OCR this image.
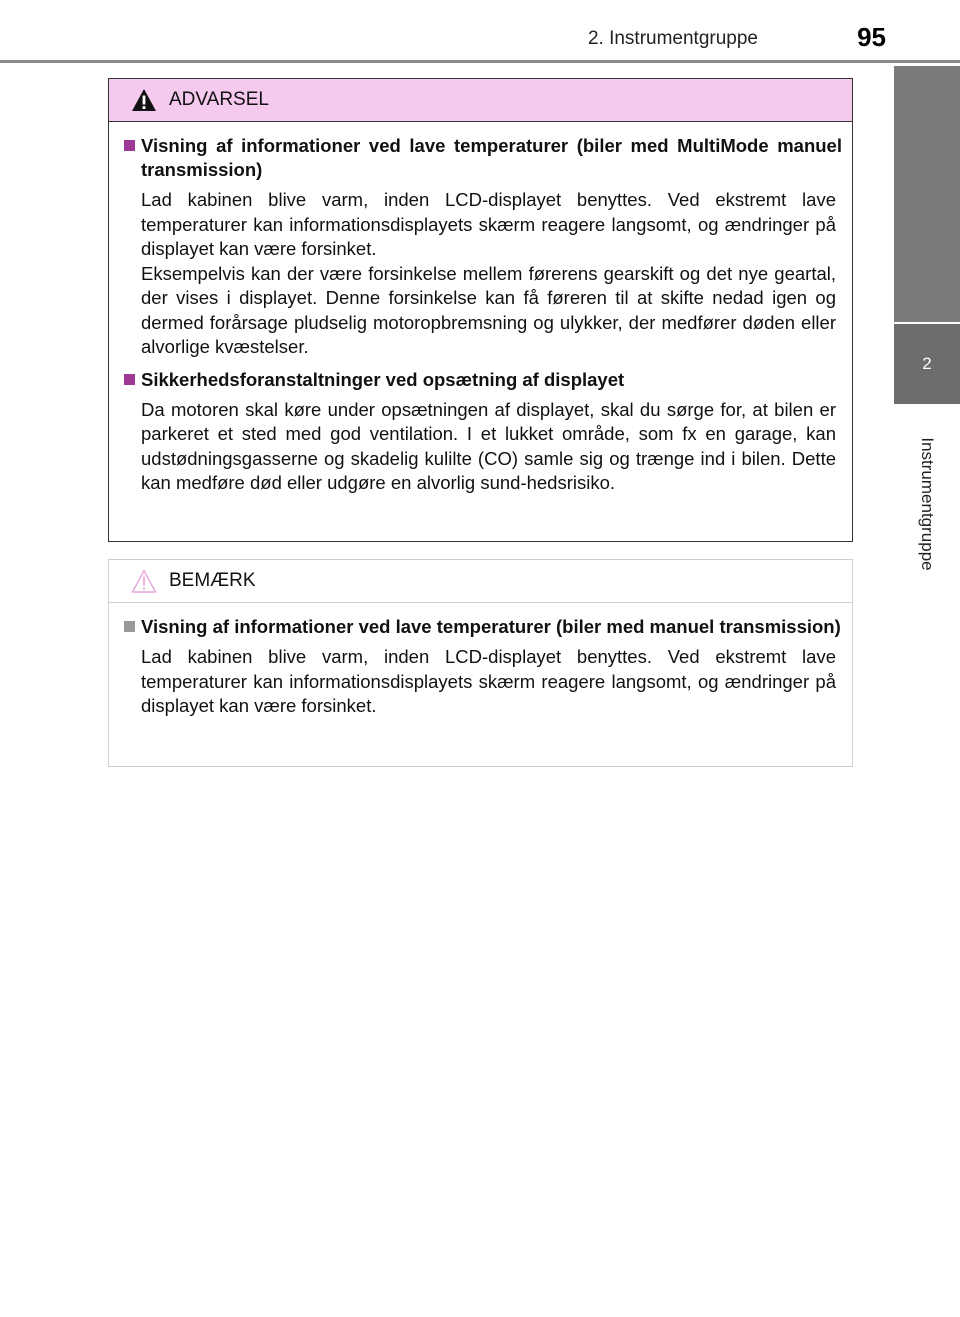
2. Instrumentgruppe	95
2
Instrumentgruppe
ADVARSEL
Visning af informationer ved lave temperaturer (biler med MultiMode manuel transmission)

Lad kabinen blive varm, inden LCD-displayet benyttes. Ved ekstremt lave temperaturer kan informationsdisplayets skærm reagere langsomt, og ændringer på displayet kan være forsinket.

Eksempelvis kan der være forsinkelse mellem førerens gearskift og det nye geartal, der vises i displayet. Denne forsinkelse kan få føreren til at skifte nedad igen og dermed forårsage pludselig motoropbremsning og ulykker, der medfører døden eller alvorlige kvæstelser.

Sikkerhedsforanstaltninger ved opsætning af displayet

Da motoren skal køre under opsætningen af displayet, skal du sørge for, at bilen er parkeret et sted med god ventilation. I et lukket område, som fx en garage, kan udstødningsgasserne og skadelig kulilte (CO) samle sig og trænge ind i bilen. Dette kan medføre død eller udgøre en alvorlig sund-hedsrisiko.

BEMÆRK
Visning af informationer ved lave temperaturer (biler med manuel transmission)

Lad kabinen blive varm, inden LCD-displayet benyttes. Ved ekstremt lave temperaturer kan informationsdisplayets skærm reagere langsomt, og ændringer på displayet kan være forsinket.
